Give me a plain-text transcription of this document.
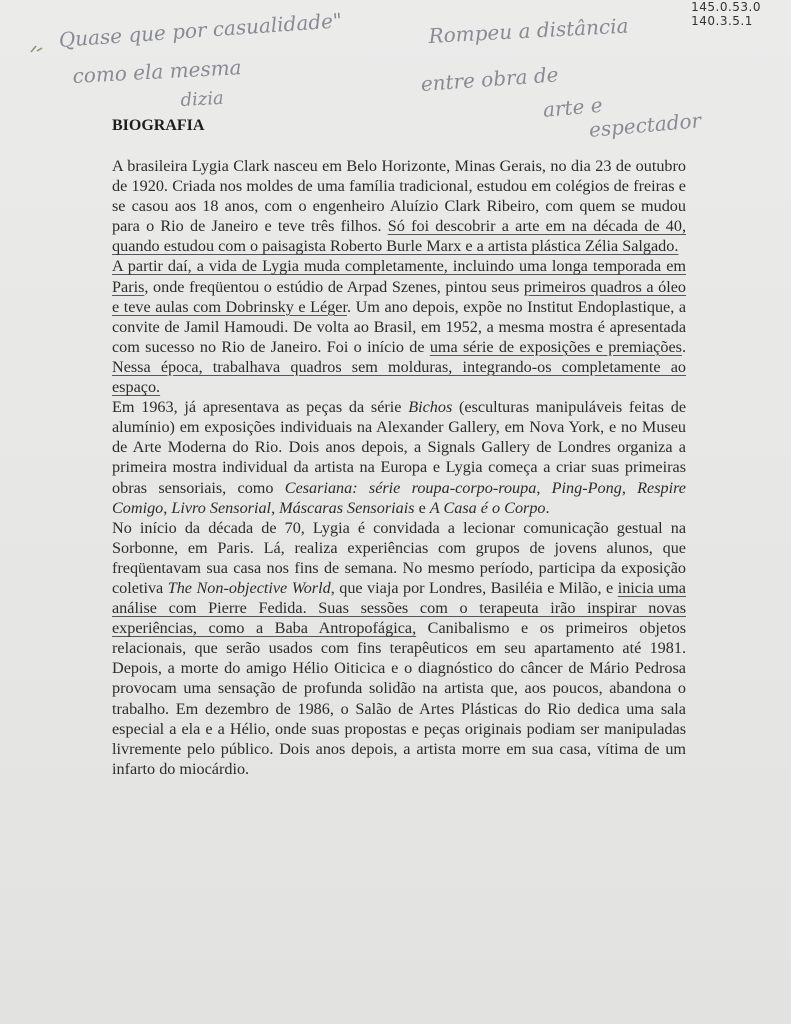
145.0.53.0
140.3.5.1
Quase que por casualidade"
como ela mesma
dizia
Rompeu a distância
entre obra de
arte e
espectador
BIOGRAFIA

A brasileira Lygia Clark nasceu em Belo Horizonte, Minas Gerais, no dia 23 de outubro de 1920. Criada nos moldes de uma família tradicional, estudou em colégios de freiras e se casou aos 18 anos, com o engenheiro Aluízio Clark Ribeiro, com quem se mudou para o Rio de Janeiro e teve três filhos. Só foi descobrir a arte em na década de 40, quando estudou com o paisagista Roberto Burle Marx e a artista plástica Zélia Salgado.

A partir daí, a vida de Lygia muda completamente, incluindo uma longa temporada em Paris, onde freqüentou o estúdio de Arpad Szenes, pintou seus primeiros quadros a óleo e teve aulas com Dobrinsky e Léger. Um ano depois, expõe no Institut Endoplastique, a convite de Jamil Hamoudi. De volta ao Brasil, em 1952, a mesma mostra é apresentada com sucesso no Rio de Janeiro. Foi o início de uma série de exposições e premiações. Nessa época, trabalhava quadros sem molduras, integrando-os completamente ao espaço.

Em 1963, já apresentava as peças da série Bichos (esculturas manipuláveis feitas de alumínio) em exposições individuais na Alexander Gallery, em Nova York, e no Museu de Arte Moderna do Rio. Dois anos depois, a Signals Gallery de Londres organiza a primeira mostra individual da artista na Europa e Lygia começa a criar suas primeiras obras sensoriais, como Cesariana: série roupa-corpo-roupa, Ping-Pong, Respire Comigo, Livro Sensorial, Máscaras Sensoriais e A Casa é o Corpo.

No início da década de 70, Lygia é convidada a lecionar comunicação gestual na Sorbonne, em Paris. Lá, realiza experiências com grupos de jovens alunos, que freqüentavam sua casa nos fins de semana. No mesmo período, participa da exposição coletiva The Non-objective World, que viaja por Londres, Basiléia e Milão, e inicia uma análise com Pierre Fedida. Suas sessões com o terapeuta irão inspirar novas experiências, como a Baba Antropofágica, Canibalismo e os primeiros objetos relacionais, que serão usados com fins terapêuticos em seu apartamento até 1981. Depois, a morte do amigo Hélio Oiticica e o diagnóstico do câncer de Mário Pedrosa provocam uma sensação de profunda solidão na artista que, aos poucos, abandona o trabalho. Em dezembro de 1986, o Salão de Artes Plásticas do Rio dedica uma sala especial a ela e a Hélio, onde suas propostas e peças originais podiam ser manipuladas livremente pelo público. Dois anos depois, a artista morre em sua casa, vítima de um infarto do miocárdio.
